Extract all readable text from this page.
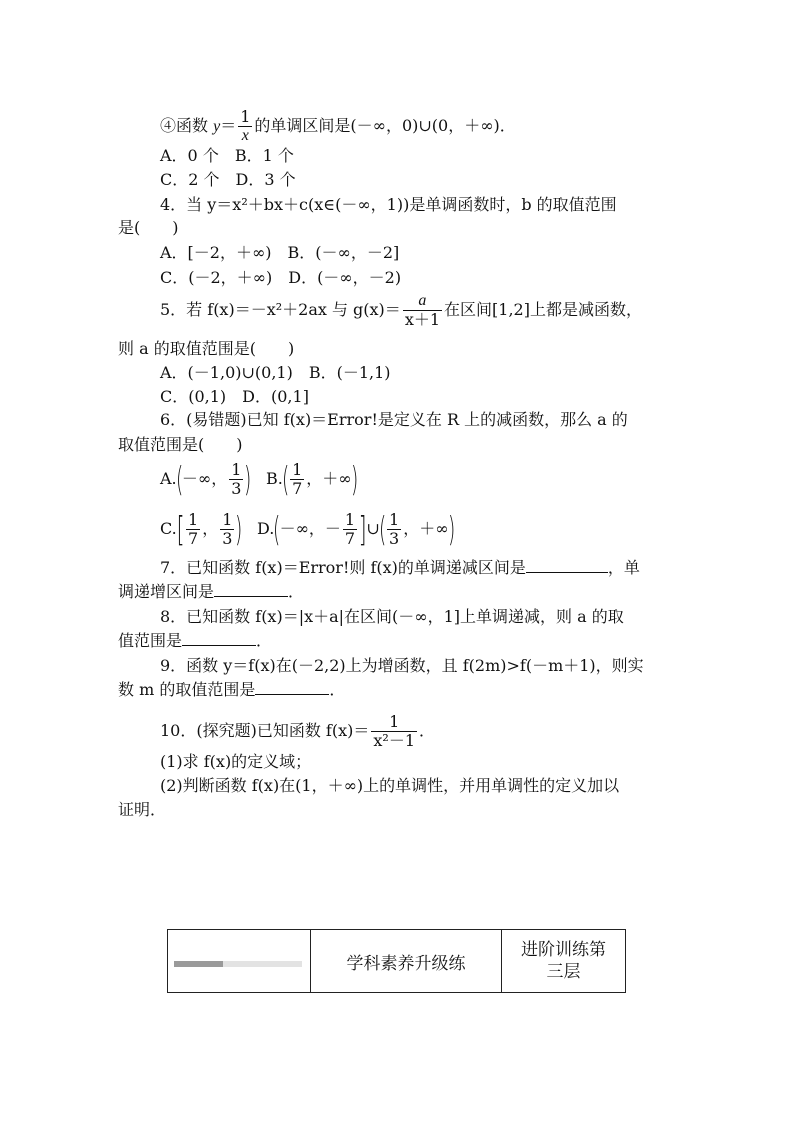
④函数 $y= \frac{1}{x}$ 的单调区间是(－∞，0)∪(0，＋∞)．
A．0 个　B．1 个
C．2 个　D．3 个
4．当 y＝x²＋bx＋c(x∈(－∞，1))是单调函数时，b 的取值范围
是(　　)
A．[－2，＋∞)　B．(－∞，－2]
C．(－2，＋∞)　D．(－∞，－2)
5．若 f(x)＝－x²＋2ax 与 $g(x)= \frac{a}{x+1}$ 在区间[1,2]上都是减函数，
则 a 的取值范围是(　　)
A．(－1,0)∪(0,1)　B．(－1,1)
C．(0,1)　D．(0,1]
6．(易错题)已知 f(x)＝Error!是定义在 R 上的减函数，那么 a 的
取值范围是(　　)
A.(－∞， $\frac{1}{3}$ ) $B.( \frac{1}{7}$ ，＋∞)
$C.[ \frac{1}{7}$ ， $\frac{1}{3}$ ) D.(－∞，－ $\frac{1}{7}$ ]∪( $\frac{1}{3}$ ，＋∞)
7．已知函数 f(x)＝Error!则 f(x)的单调递减区间是	，单
调递增区间是	．
8．已知函数 f(x)＝|x＋a|在区间(－∞，1]上单调递减，则 a 的取
值范围是	．
9．函数 y＝f(x)在(－2,2)上为增函数，且 f(2m)>f(－m＋1)，则实
数 m 的取值范围是	．
10．(探究题)已知函数 $f(x)= \frac{1}{\text{x²－1}}$ ．
(1)求 f(x)的定义域；
(2)判断函数 f(x)在(1，＋∞)上的单调性，并用单调性的定义加以
证明．
	学科素养升级练	
进阶训练第
三层
